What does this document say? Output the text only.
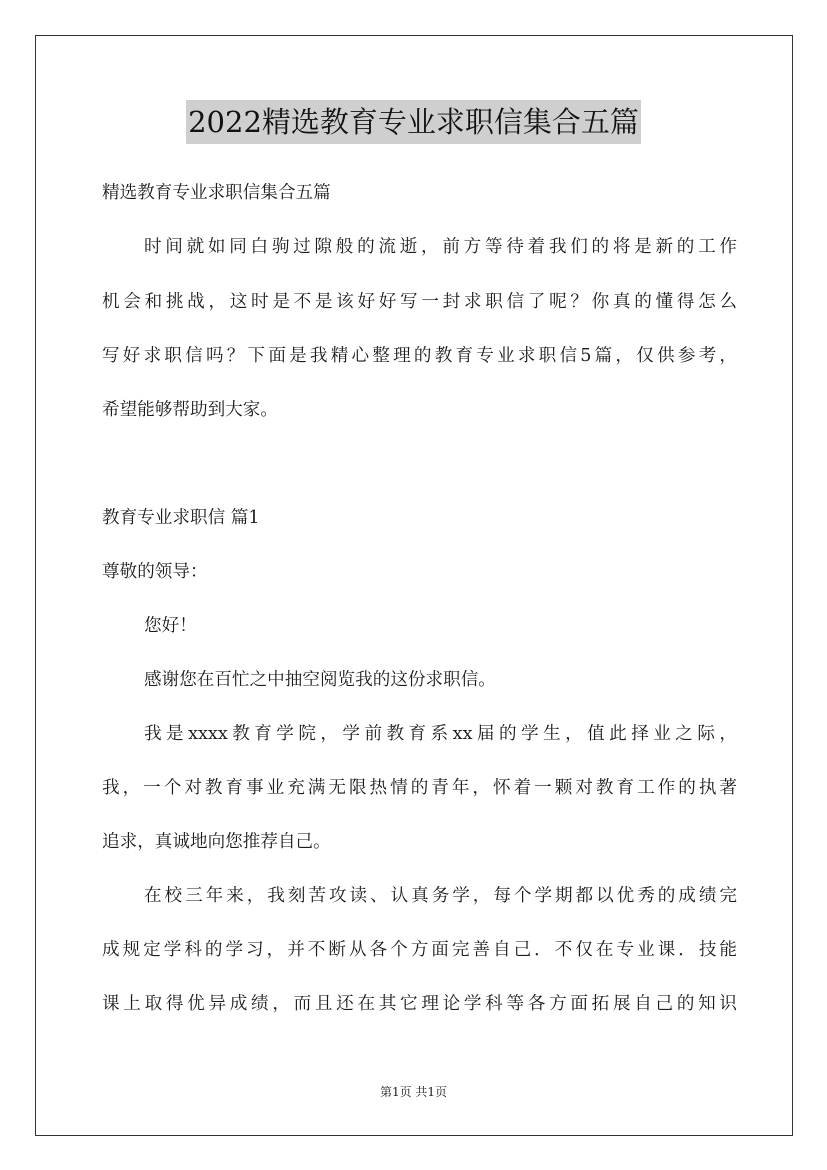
2022精选教育专业求职信集合五篇
精选教育专业求职信集合五篇
时间就如同白驹过隙般的流逝，前方等待着我们的将是新的工作
机会和挑战，这时是不是该好好写一封求职信了呢？你真的懂得怎么
写好求职信吗？下面是我精心整理的教育专业求职信5篇，仅供参考，
希望能够帮助到大家。
教育专业求职信 篇1
尊敬的领导：
您好！
感谢您在百忙之中抽空阅览我的这份求职信。
我是xxxx教育学院，学前教育系xx届的学生，值此择业之际，
我，一个对教育事业充满无限热情的青年，怀着一颗对教育工作的执著
追求，真诚地向您推荐自己。
在校三年来，我刻苦攻读、认真务学，每个学期都以优秀的成绩完
成规定学科的学习，并不断从各个方面完善自己．不仅在专业课．技能
课上取得优异成绩，而且还在其它理论学科等各方面拓展自己的知识
第1页 共1页
